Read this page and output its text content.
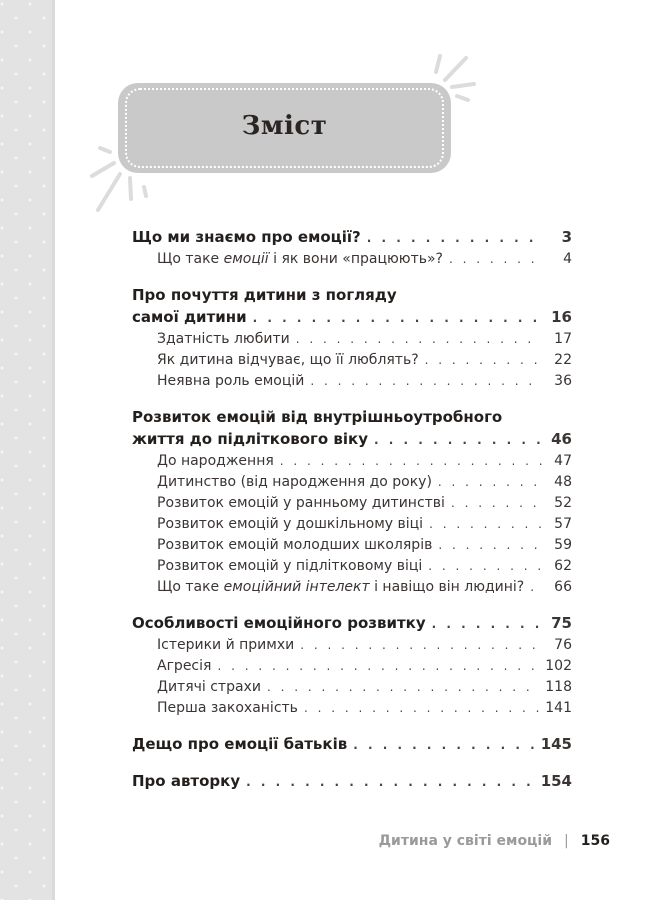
Зміст
Що ми знаємо про емоції? . . .	3
Що таке емоції і як вони «працюють»? . . .	4
Про почуття дитини з погляду
самої дитини . . .	16
Здатність любити . . .	17
Як дитина відчуває, що її люблять? . . .	22
Неявна роль емоцій . . .	36
Розвиток емоцій від внутрішньоутробного
життя до підліткового віку . . .	46
До народження . . .	47
Дитинство (від народження до року) . . .	48
Розвиток емоцій у ранньому дитинстві . . .	52
Розвиток емоцій у дошкільному віці . . .	57
Розвиток емоцій молодших школярів . . .	59
Розвиток емоцій у підлітковому віці . . .	62
Що таке емоційний інтелект і навіщо він людині? . . .	66
Особливості емоційного розвитку . . .	75
Істерики й примхи . . .	76
Агресія . . .	102
Дитячі страхи . . .	118
Перша закоханість . . .	141
Дещо про емоції батьків . . .	145
Про авторку . . .	154
Дитина у світі емоцій | 156
